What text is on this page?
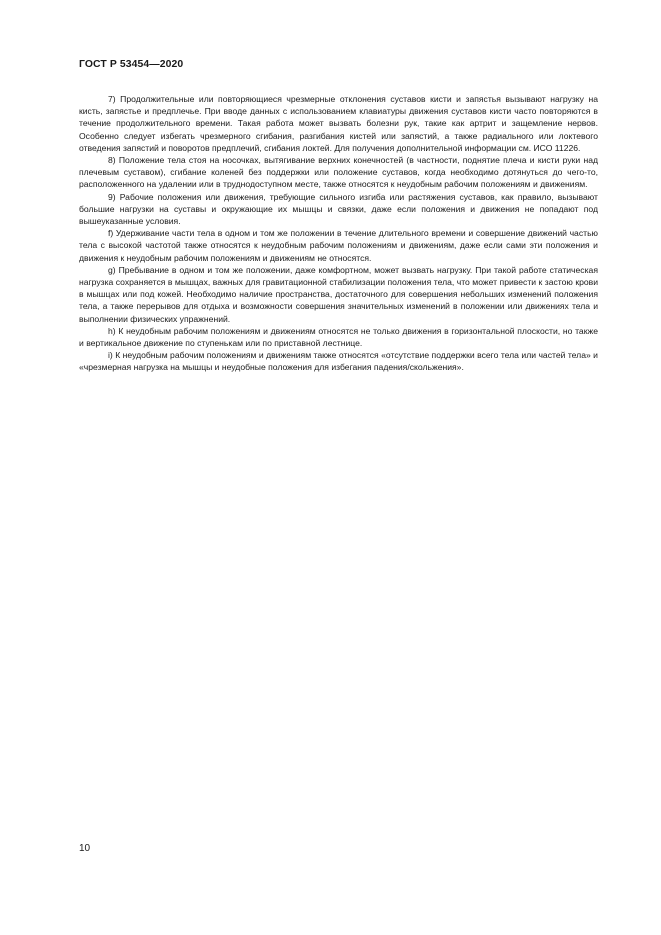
ГОСТ Р 53454—2020

7) Продолжительные или повторяющиеся чрезмерные отклонения суставов кисти и запястья вызывают нагрузку на кисть, запястье и предплечье. При вводе данных с использованием клавиатуры движения суставов кисти часто повторяются в течение продолжительного времени. Такая работа может вызвать болезни рук, такие как артрит и защемление нервов. Особенно следует избегать чрезмерного сгибания, разгибания кистей или запястий, а также радиального или локтевого отведения запястий и поворотов предплечий, сгибания локтей. Для получения дополнительной информации см. ИСО 11226.

8) Положение тела стоя на носочках, вытягивание верхних конечностей (в частности, поднятие плеча и кисти руки над плечевым суставом), сгибание коленей без поддержки или положение суставов, когда необходимо дотянуться до чего-то, расположенного на удалении или в труднодоступном месте, также относятся к неудобным рабочим положениям и движениям.

9) Рабочие положения или движения, требующие сильного изгиба или растяжения суставов, как правило, вызывают большие нагрузки на суставы и окружающие их мышцы и связки, даже если положения и движения не попадают под вышеуказанные условия.

f) Удерживание части тела в одном и том же положении в течение длительного времени и совершение движений частью тела с высокой частотой также относятся к неудобным рабочим положениям и движениям, даже если сами эти положения и движения к неудобным рабочим положениям и движениям не относятся.

g) Пребывание в одном и том же положении, даже комфортном, может вызвать нагрузку. При такой работе статическая нагрузка сохраняется в мышцах, важных для гравитационной стабилизации положения тела, что может привести к застою крови в мышцах или под кожей. Необходимо наличие пространства, достаточного для совершения небольших изменений положения тела, а также перерывов для отдыха и возможности совершения значительных изменений в положении или движениях тела и выполнении физических упражнений.

h) К неудобным рабочим положениям и движениям относятся не только движения в горизонтальной плоскости, но также и вертикальное движение по ступенькам или по приставной лестнице.

i) К неудобным рабочим положениям и движениям также относятся «отсутствие поддержки всего тела или частей тела» и «чрезмерная нагрузка на мышцы и неудобные положения для избегания падения/скольжения».

10
